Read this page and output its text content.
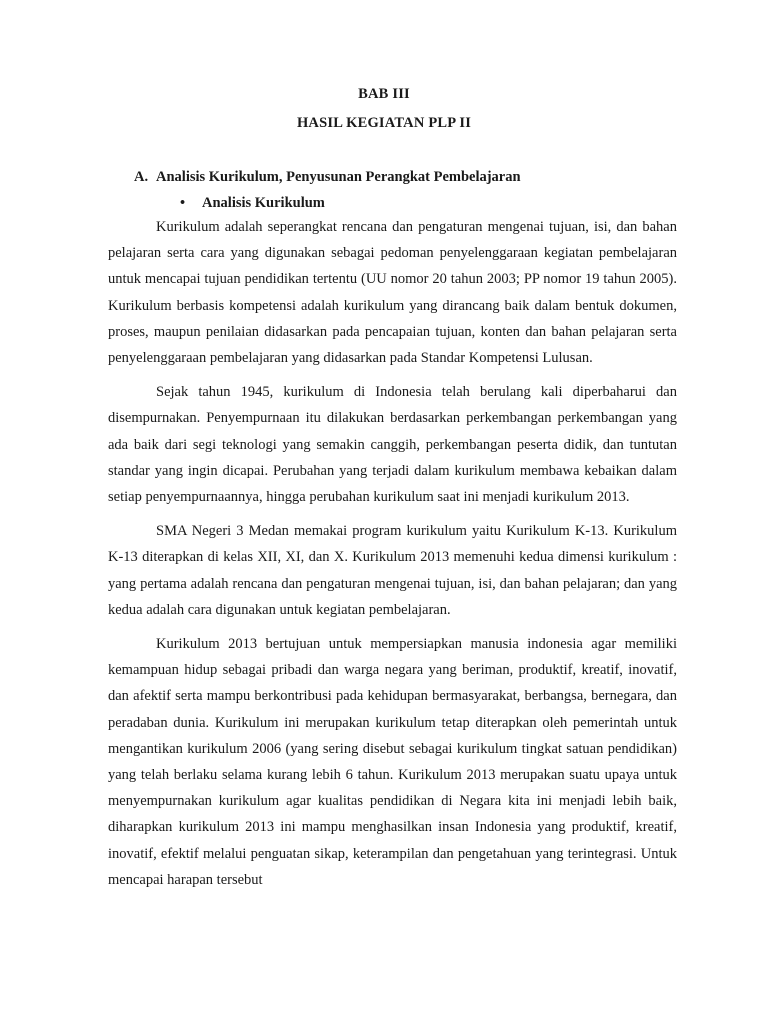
BAB III
HASIL KEGIATAN PLP II
A. Analisis Kurikulum, Penyusunan Perangkat Pembelajaran
• Analisis Kurikulum

Kurikulum adalah seperangkat rencana dan pengaturan mengenai tujuan, isi, dan bahan pelajaran serta cara yang digunakan sebagai pedoman penyelenggaraan kegiatan pembelajaran untuk mencapai tujuan pendidikan tertentu (UU nomor 20 tahun 2003; PP nomor 19 tahun 2005). Kurikulum berbasis kompetensi adalah kurikulum yang dirancang baik dalam bentuk dokumen, proses, maupun penilaian didasarkan pada pencapaian tujuan, konten dan bahan pelajaran serta penyelenggaraan pembelajaran yang didasarkan pada Standar Kompetensi Lulusan.

Sejak tahun 1945, kurikulum di Indonesia telah berulang kali diperbaharui dan disempurnakan. Penyempurnaan itu dilakukan berdasarkan perkembangan perkembangan yang ada baik dari segi teknologi yang semakin canggih, perkembangan peserta didik, dan tuntutan standar yang ingin dicapai. Perubahan yang terjadi dalam kurikulum membawa kebaikan dalam setiap penyempurnaannya, hingga perubahan kurikulum saat ini menjadi kurikulum 2013.

SMA Negeri 3 Medan memakai program kurikulum yaitu Kurikulum K-13. Kurikulum K-13 diterapkan di kelas XII, XI, dan X. Kurikulum 2013 memenuhi kedua dimensi kurikulum : yang pertama adalah rencana dan pengaturan mengenai tujuan, isi, dan bahan pelajaran; dan yang kedua adalah cara digunakan untuk kegiatan pembelajaran.

Kurikulum 2013 bertujuan untuk mempersiapkan manusia indonesia agar memiliki kemampuan hidup sebagai pribadi dan warga negara yang beriman, produktif, kreatif, inovatif, dan afektif serta mampu berkontribusi pada kehidupan bermasyarakat, berbangsa, bernegara, dan peradaban dunia. Kurikulum ini merupakan kurikulum tetap diterapkan oleh pemerintah untuk mengantikan kurikulum 2006 (yang sering disebut sebagai kurikulum tingkat satuan pendidikan) yang telah berlaku selama kurang lebih 6 tahun. Kurikulum 2013 merupakan suatu upaya untuk menyempurnakan kurikulum agar kualitas pendidikan di Negara kita ini menjadi lebih baik, diharapkan kurikulum 2013 ini mampu menghasilkan insan Indonesia yang produktif, kreatif, inovatif, efektif melalui penguatan sikap, keterampilan dan pengetahuan yang terintegrasi. Untuk mencapai harapan tersebut
